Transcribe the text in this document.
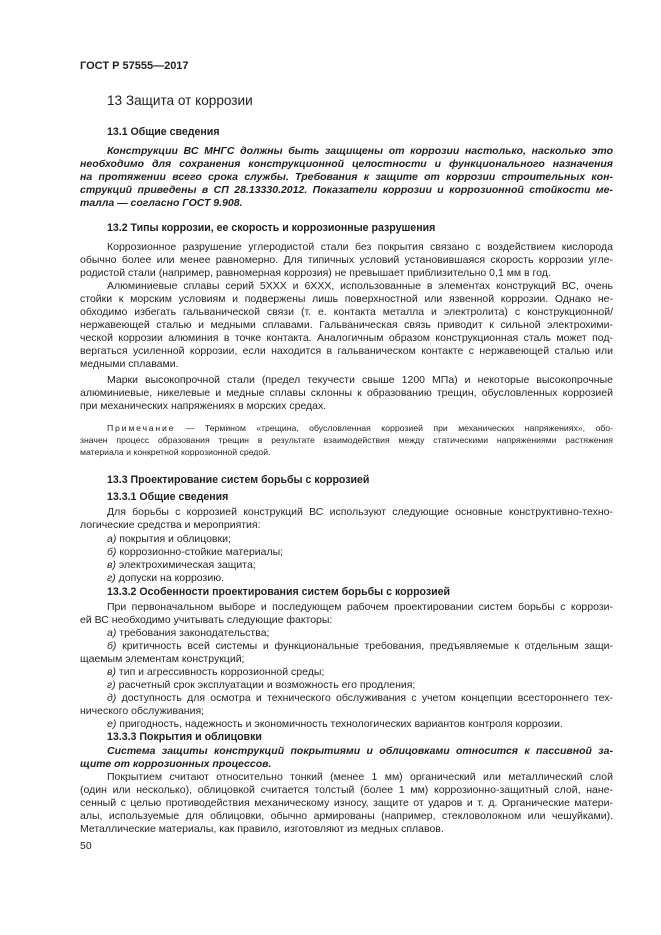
ГОСТ Р 57555—2017
13 Защита от коррозии
13.1 Общие сведения
Конструкции ВС МНГС должны быть защищены от коррозии настолько, насколько это
необходимо для сохранения конструкционной целостности и функционального назначения
на протяжении всего срока службы. Требования к защите от коррозии строительных кон-
струкций приведены в СП 28.13330.2012. Показатели коррозии и коррозионной стойкости ме-
талла — согласно ГОСТ 9.908.
13.2 Типы коррозии, ее скорость и коррозионные разрушения
Коррозионное разрушение углеродистой стали без покрытия связано с воздействием кислорода
обычно более или менее равномерно. Для типичных условий установившаяся скорость коррозии угле-
родистой стали (например, равномерная коррозия) не превышает приблизительно 0,1 мм в год.
Алюминиевые сплавы серий 5XXX и 6XXX, использованные в элементах конструкций ВС, очень
стойки к морским условиям и подвержены лишь поверхностной или язвенной коррозии. Однако не-
обходимо избегать гальванической связи (т. е. контакта металла и электролита) с конструкционной/
нержавеющей сталью и медными сплавами. Гальваническая связь приводит к сильной электрохими-
ческой коррозии алюминия в точке контакта. Аналогичным образом конструкционная сталь может под-
вергаться усиленной коррозии, если находится в гальваническом контакте с нержавеющей сталью или
медными сплавами.
Марки высокопрочной стали (предел текучести свыше 1200 МПа) и некоторые высокопрочные
алюминиевые, никелевые и медные сплавы склонны к образованию трещин, обусловленных коррозией
при механических напряжениях в морских средах.
Примечание — Термином «трещина, обусловленная коррозией при механических напряжениях», обо-
значен процесс образования трещин в результате взаимодействия между статическими напряжениями растяжения
материала и конкретной коррозионной средой.
13.3 Проектирование систем борьбы с коррозией
13.3.1 Общие сведения
Для борьбы с коррозией конструкций ВС используют следующие основные конструктивно-техно-
логические средства и мероприятия:
а) покрытия и облицовки;
б) коррозионно-стойкие материалы;
в) электрохимическая защита;
г) допуски на коррозию.
13.3.2 Особенности проектирования систем борьбы с коррозией
При первоначальном выборе и последующем рабочем проектировании систем борьбы с коррози-
ей ВС необходимо учитывать следующие факторы:
а) требования законодательства;
б) критичность всей системы и функциональные требования, предъявляемые к отдельным защи-
щаемым элементам конструкций;
в) тип и агрессивность коррозионной среды;
г) расчетный срок эксплуатации и возможность его продления;
д) доступность для осмотра и технического обслуживания с учетом концепции всестороннего тех-
нического обслуживания;
е) пригодность, надежность и экономичность технологических вариантов контроля коррозии.
13.3.3 Покрытия и облицовки
Система защиты конструкций покрытиями и облицовками относится к пассивной за-
щите от коррозионных процессов.
Покрытием считают относительно тонкий (менее 1 мм) органический или металлический слой
(один или несколько), облицовкой считается толстый (более 1 мм) коррозионно-защитный слой, нане-
сенный с целью противодействия механическому износу, защите от ударов и т. д. Органические матери-
алы, используемые для облицовки, обычно армированы (например, стекловолокном или чешуйками).
Металлические материалы, как правило, изготовляют из медных сплавов.
50
